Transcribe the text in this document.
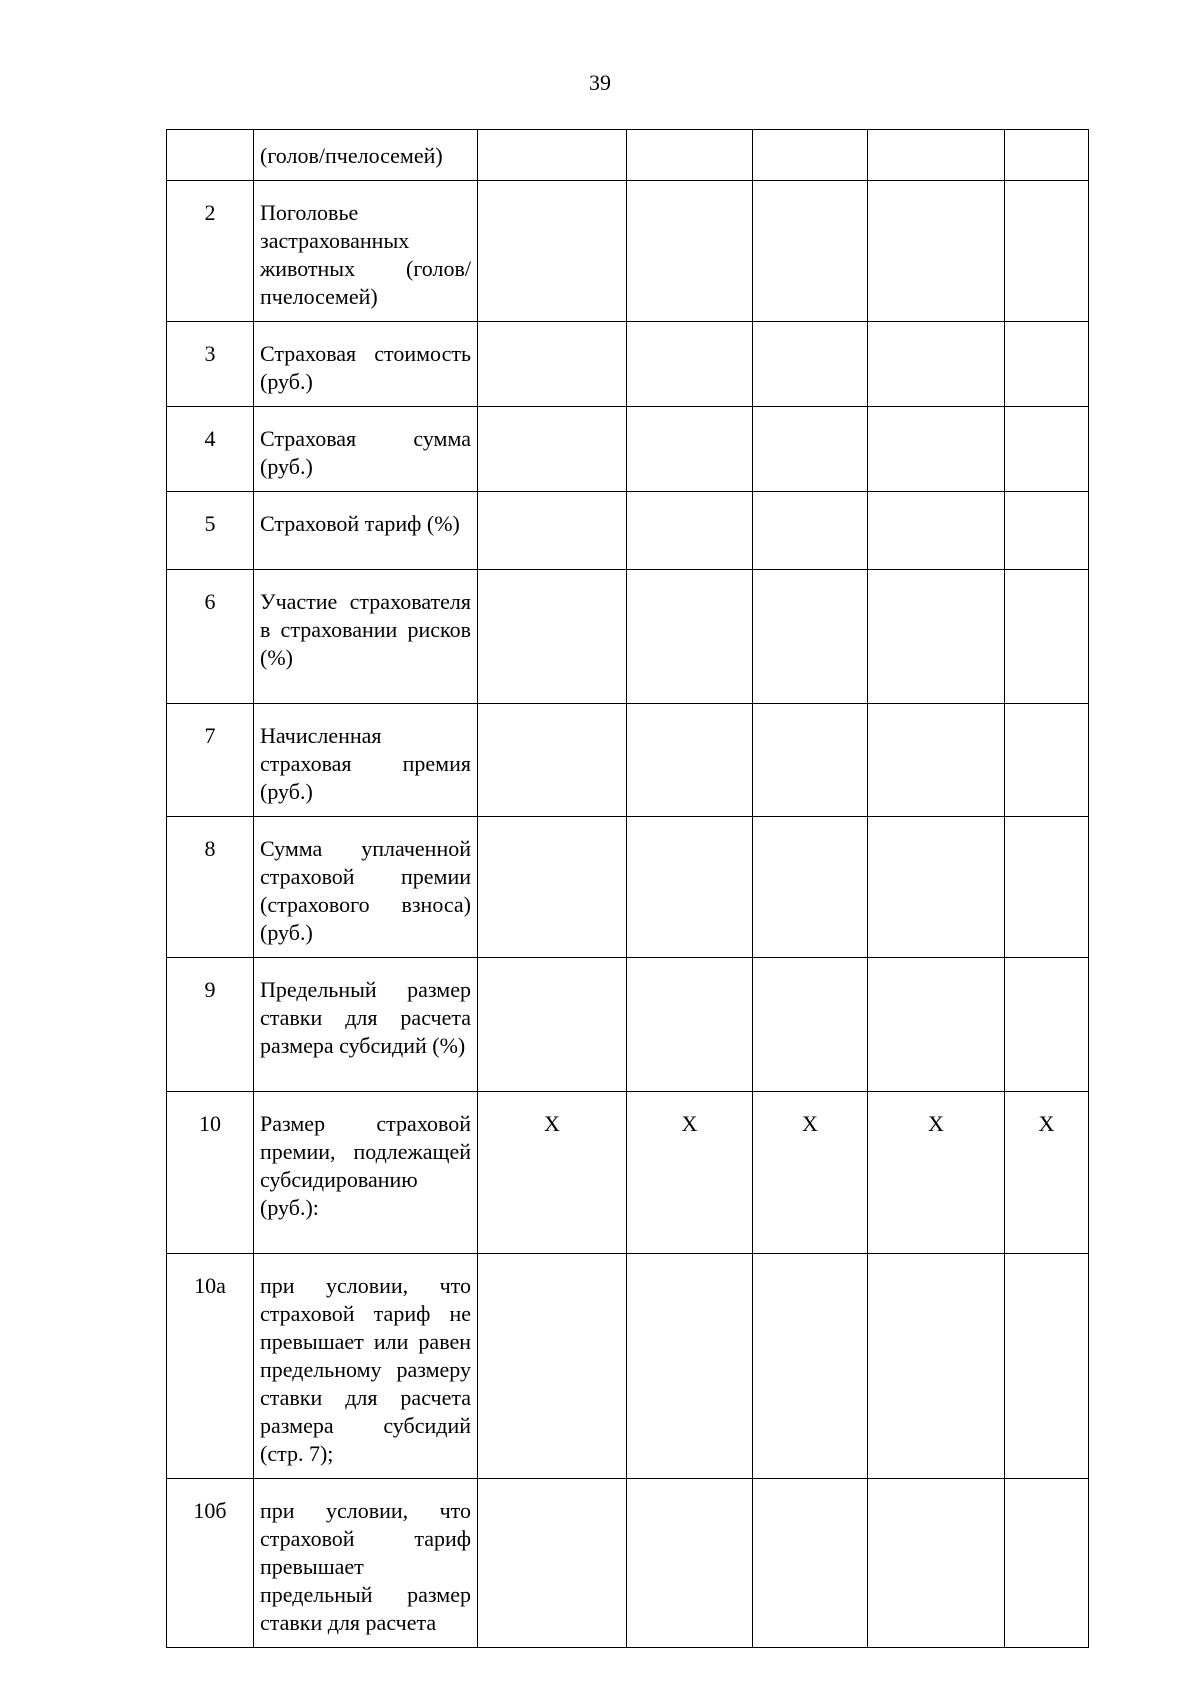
39
	(голов/пчелосемей)					
2	Поголовье застрахованных животных (голов/пчелосемей)					
3	Страховая стоимость (руб.)					
4	Страховая сумма (руб.)					
5	Страховой тариф (%)					
6	Участие страхователя в страховании рисков (%)					
7	Начисленная страховая премия (руб.)					
8	Сумма уплаченной страховой премии (страхового взноса) (руб.)					
9	Предельный размер ставки для расчета размера субсидий (%)					
10	Размер страховой премии, подлежащей субсидированию (руб.):	X	X	X	X	X
10а	при условии, что страховой тариф не превышает или равен предельному размеру ставки для расчета размера субсидий (стр. 7);					
10б	при условии, что страховой тариф превышает предельный размер ставки для расчета					
